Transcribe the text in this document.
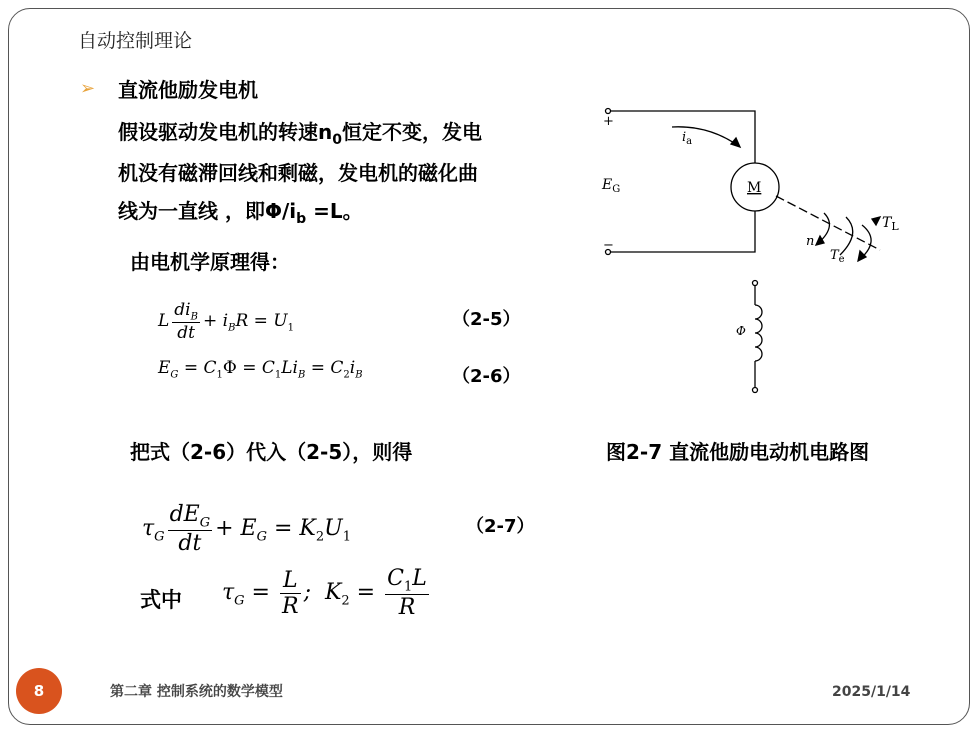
自动控制理论
➢ 直流他励发电机
假设驱动发电机的转速$n_0$恒定不变，发电
机没有磁滞回线和剩磁，发电机的磁化曲
线为一直线 ，即$\Phi/i_b =L$。
由电机学原理得：
L $\frac{di_B}{dt} + i_BR = U_1$	（2-5）
$E_G = C_1\Phi = C_1Li_B = C_2i_B$	（2-6）
把式（2-6）代入（2-5），则得	图2-7 直流他励电动机电路图
$\tau_G \frac{dE_G}{dt} + E_G = K_2U_1$
（2-7）
式中 $\tau_G = \frac{L}{R}$ ;  $K_2 = \frac{C_1L}{R}$
+
−
$E_G$
$i_a$
M
$T_L$
n
$T_e$
Φ
8	第二章 控制系统的数学模型	2025/1/14
